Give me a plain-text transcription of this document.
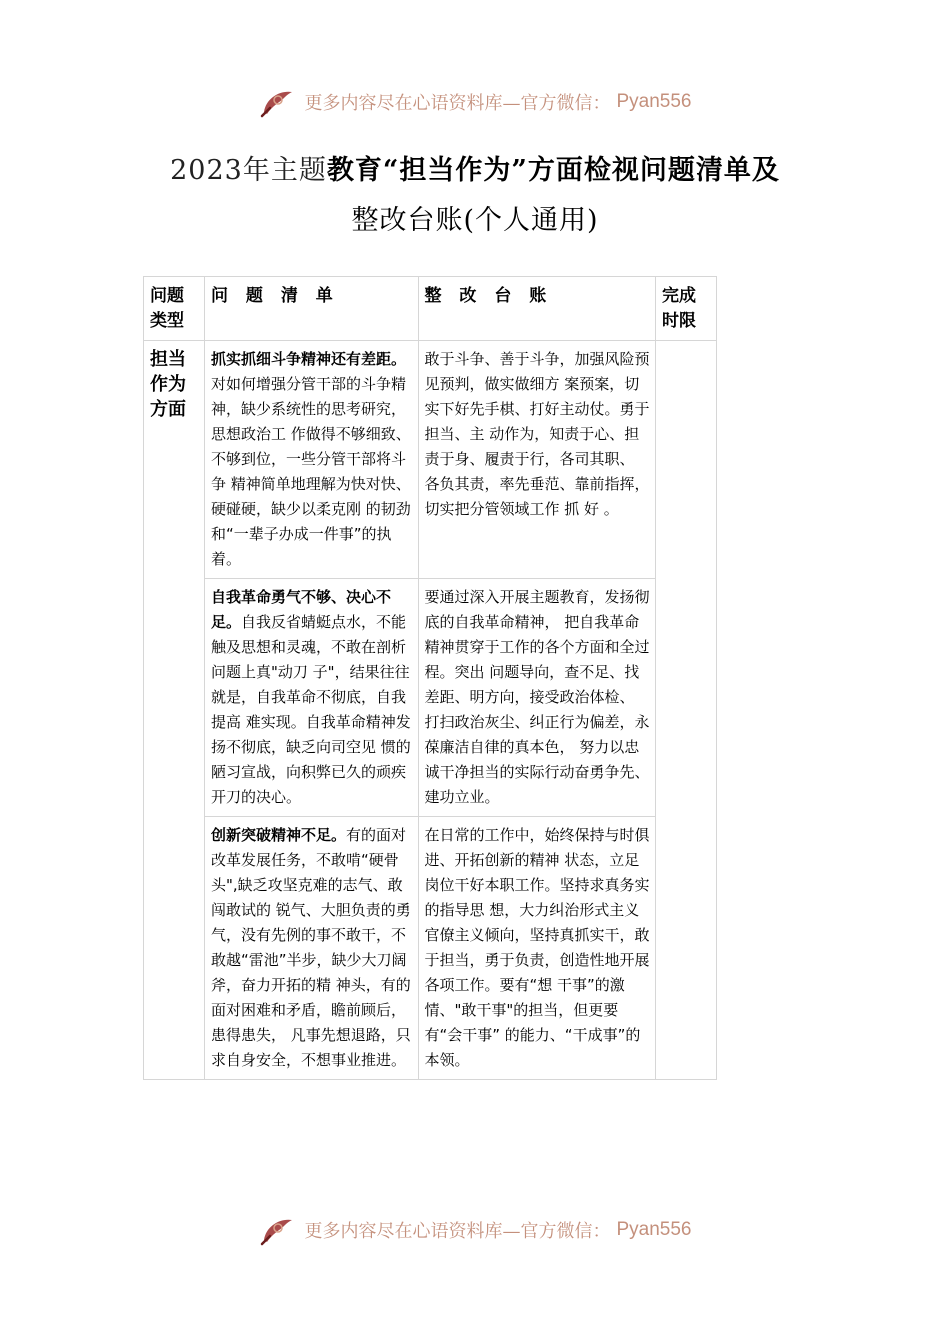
更多内容尽在心语资料库—官方微信： Pyan556
2023年主题教育“担当作为”方面检视问题清单及
整改台账(个人通用)
问题类型	问 题 清 单	整 改 台 账	完成时限
担当作为方面	抓实抓细斗争精神还有差距。对如何增强分管干部的斗争精神，缺少系统性的思考研究，思想政治工 作做得不够细致、不够到位，一些分管干部将斗争 精神简单地理解为快对快、硬碰硬，缺少以柔克刚 的韧劲和“一辈子办成一件事”的执着。	敢于斗争、善于斗争，加强风险预见预判，做实做细方 案预案，切实下好先手棋、打好主动仗。勇于担当、主 动作为，知责于心、担责于身、履责于行，各司其职、 各负其责，率先垂范、靠前指挥，切实把分管领域工作 抓 好 。	
	自我革命勇气不够、决心不足。自我反省蜻蜓点水，不能触及思想和灵魂，不敢在剖析问题上真"动刀 子"，结果往往就是，自我革命不彻底，自我提高 难实现。自我革命精神发扬不彻底，缺乏向司空见 惯的陋习宣战，向积弊已久的顽疾开刀的决心。	要通过深入开展主题教育，发扬彻底的自我革命精神， 把自我革命精神贯穿于工作的各个方面和全过程。突出 问题导向，查不足、找差距、明方向，接受政治体检、 打扫政治灰尘、纠正行为偏差，永葆廉洁自律的真本色， 努力以忠诚干净担当的实际行动奋勇争先、建功立业。	
	创新突破精神不足。有的面对改革发展任务，不敢啃“硬骨头",缺乏攻坚克难的志气、敢闯敢试的 锐气、大胆负责的勇气，没有先例的事不敢干，不 敢越“雷池”半步，缺少大刀阔斧，奋力开拓的精 神头，有的面对困难和矛盾，瞻前顾后，患得患失， 凡事先想退路，只求自身安全，不想事业推进。	在日常的工作中，始终保持与时俱进、开拓创新的精神 状态，立足岗位干好本职工作。坚持求真务实的指导思 想，大力纠治形式主义官僚主义倾向，坚持真抓实干，敢于担当，勇于负责，创造性地开展各项工作。要有“想 干事”的激情、"敢干事"的担当，但更要有“会干事” 的能力、“干成事”的本领。	
更多内容尽在心语资料库—官方微信： Pyan556
